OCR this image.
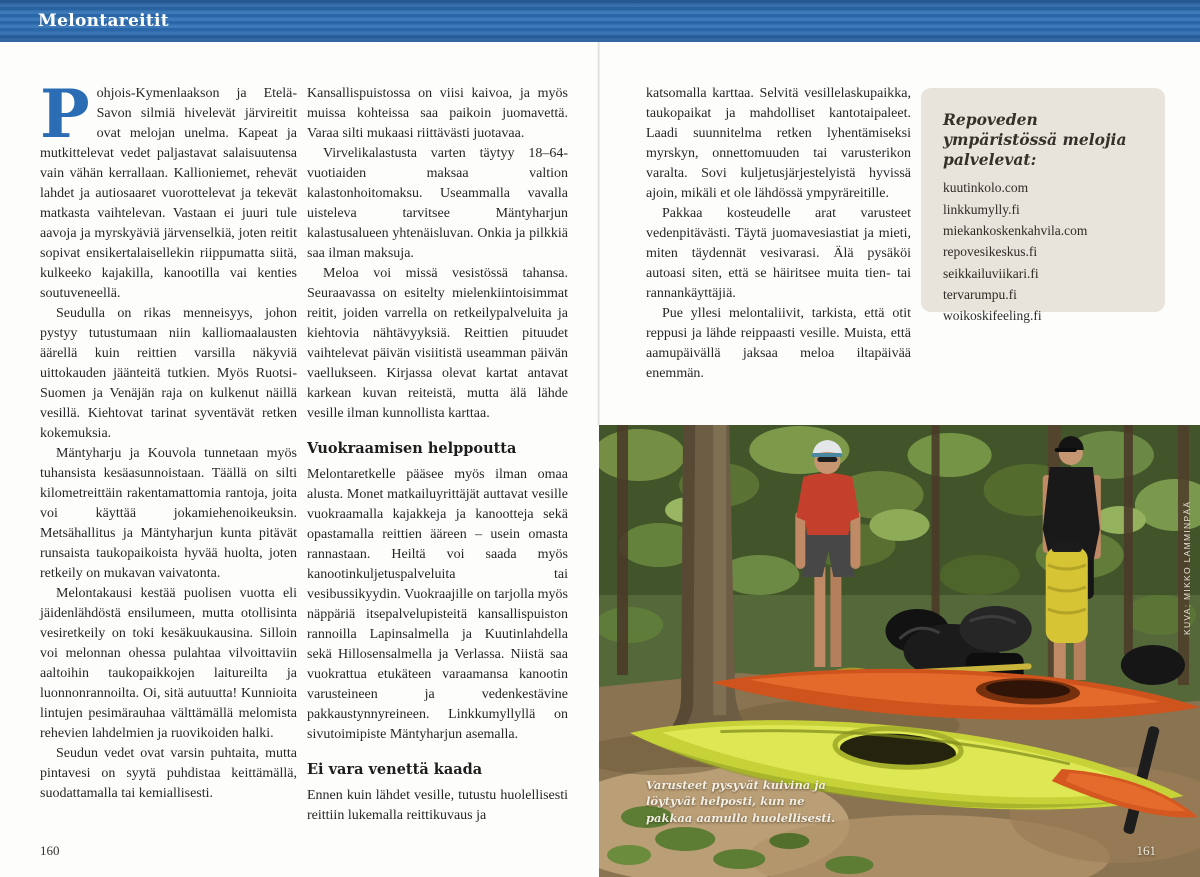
Melontareitit

Pohjois-Kymenlaakson ja Etelä-Savon silmiä hivelevät järvireitit ovat melojan unelma. Kapeat ja mutkittelevat vedet paljastavat salaisuutensa vain vähän kerrallaan. Kallioniemet, rehevät lahdet ja autiosaaret vuorottelevat ja tekevät matkasta vaihtelevan. Vastaan ei juuri tule aavoja ja myrskyäviä järvenselkiä, joten reitit sopivat ensikertalaisellekin riippumatta siitä, kulkeeko kajakilla, kanootilla vai kenties soutuveneellä.

Seudulla on rikas menneisyys, johon pystyy tutustumaan niin kalliomaalausten äärellä kuin reittien varsilla näkyviä uittokauden jäänteitä tutkien. Myös Ruotsi-Suomen ja Venäjän raja on kulkenut näillä vesillä. Kiehtovat tarinat syventävät retken kokemuksia.

Mäntyharju ja Kouvola tunnetaan myös tuhansista kesäasunnoistaan. Täällä on silti kilometreittäin rakentamattomia rantoja, joita voi käyttää jokamiehenoikeuksin. Metsähallitus ja Mäntyharjun kunta pitävät runsaista taukopaikoista hyvää huolta, joten retkeily on mukavan vaivatonta.

Melontakausi kestää puolisen vuotta eli jäidenlähdöstä ensilumeen, mutta otollisinta vesiretkeily on toki kesäkuukausina. Silloin voi melonnan ohessa pulahtaa vilvoittaviin aaltoihin taukopaikkojen laitureilta ja luonnonrannoilta. Oi, sitä autuutta! Kunnioita lintujen pesimärauhaa välttämällä melomista rehevien lahdelmien ja ruovikoiden halki.

Seudun vedet ovat varsin puhtaita, mutta pintavesi on syytä puhdistaa keittämällä, suodattamalla tai kemiallisesti.

Kansallispuistossa on viisi kaivoa, ja myös muissa kohteissa saa paikoin juomavettä. Varaa silti mukaasi riittävästi juotavaa.

Virvelikalastusta varten täytyy 18–64-vuotiaiden maksaa valtion kalastonhoitomaksu. Useammalla vavalla uisteleva tarvitsee Mäntyharjun kalastusalueen yhtenäisluvan. Onkia ja pilkkiä saa ilman maksuja.

Meloa voi missä vesistössä tahansa. Seuraavassa on esitelty mielenkiintoisimmat reitit, joiden varrella on retkeilypalveluita ja kiehtovia nähtävyyksiä. Reittien pituudet vaihtelevat päivän visiitistä useamman päivän vaellukseen. Kirjassa olevat kartat antavat karkean kuvan reiteistä, mutta älä lähde vesille ilman kunnollista karttaa.

Vuokraamisen helppoutta

Melontaretkelle pääsee myös ilman omaa alusta. Monet matkailuyrittäjät auttavat vesille vuokraamalla kajakkeja ja kanootteja sekä opastamalla reittien ääreen – usein omasta rannastaan. Heiltä voi saada myös kanootinkuljetuspalveluita tai vesibussikyydin. Vuokraajille on tarjolla myös näppäriä itsepalvelupisteitä kansallispuiston rannoilla Lapinsalmella ja Kuutinlahdella sekä Hillosensalmella ja Verlassa. Niistä saa vuokrattua etukäteen varaamansa kanootin varusteineen ja vedenkestävine pakkaustynnyreineen. Linkkumyllyllä on sivutoimipiste Mäntyharjun asemalla.

Ei vara venettä kaada

Ennen kuin lähdet vesille, tutustu huolellisesti reittiin lukemalla reittikuvaus ja

katsomalla karttaa. Selvitä vesillelaskupaikka, taukopaikat ja mahdolliset kantotaipaleet. Laadi suunnitelma retken lyhentämiseksi myrskyn, onnettomuuden tai varusterikon varalta. Sovi kuljetusjärjestelyistä hyvissä ajoin, mikäli et ole lähdössä ympyräreitille.

Pakkaa kosteudelle arat varusteet vedenpitävästi. Täytä juomavesiastiat ja mieti, miten täydennät vesivarasi. Älä pysäköi autoasi siten, että se häiritsee muita tien- tai rannankäyttäjiä.

Pue yllesi melontaliivit, tarkista, että otit reppusi ja lähde reippaasti vesille. Muista, että aamupäivällä jaksaa meloa iltapäivää enemmän.

Repoveden ympäristössä melojia palvelevat:

kuutinkolo.com
linkkumylly.fi
miekankoskenkahvila.com
repovesikeskus.fi
seikkailuviikari.fi
tervarumpu.fi
woikoskifeeling.fi
Varusteet pysyvät kuivina ja löytyvät helposti, kun ne pakkaa aamulla huolellisesti.
KUVA: MIKKO LAMMINPÄÄ
161
160
